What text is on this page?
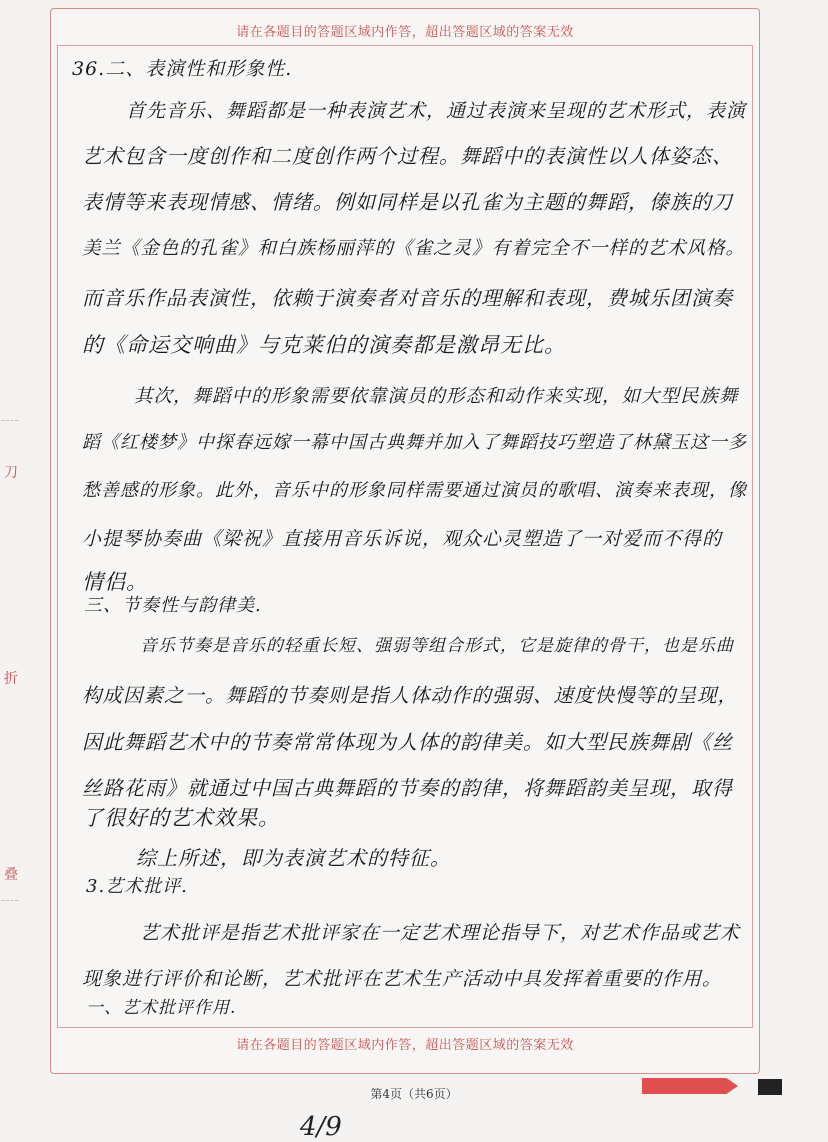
请在各题目的答题区域内作答，超出答题区域的答案无效
请在各题目的答题区域内作答，超出答题区域的答案无效
刀
折
叠
36.二、表演性和形象性.
首先音乐、舞蹈都是一种表演艺术，通过表演来呈现的艺术形式，表演
艺术包含一度创作和二度创作两个过程。舞蹈中的表演性以人体姿态、
表情等来表现情感、情绪。例如同样是以孔雀为主题的舞蹈，傣族的刀
美兰《金色的孔雀》和白族杨丽萍的《雀之灵》有着完全不一样的艺术风格。
而音乐作品表演性，依赖于演奏者对音乐的理解和表现，费城乐团演奏
的《命运交响曲》与克莱伯的演奏都是激昂无比。
其次，舞蹈中的形象需要依靠演员的形态和动作来实现，如大型民族舞
蹈《红楼梦》中探春远嫁一幕中国古典舞并加入了舞蹈技巧塑造了林黛玉这一多
愁善感的形象。此外，音乐中的形象同样需要通过演员的歌唱、演奏来表现，像
小提琴协奏曲《梁祝》直接用音乐诉说，观众心灵塑造了一对爱而不得的
情侣。
三、节奏性与韵律美.
音乐节奏是音乐的轻重长短、强弱等组合形式，它是旋律的骨干，也是乐曲
构成因素之一。舞蹈的节奏则是指人体动作的强弱、速度快慢等的呈现，
因此舞蹈艺术中的节奏常常体现为人体的韵律美。如大型民族舞剧《丝
丝路花雨》就通过中国古典舞蹈的节奏的韵律，将舞蹈韵美呈现，取得
了很好的艺术效果。
综上所述，即为表演艺术的特征。
3.艺术批评.
艺术批评是指艺术批评家在一定艺术理论指导下，对艺术作品或艺术
现象进行评价和论断，艺术批评在艺术生产活动中具发挥着重要的作用。
一、艺术批评作用.
第4页（共6页）
4/9
